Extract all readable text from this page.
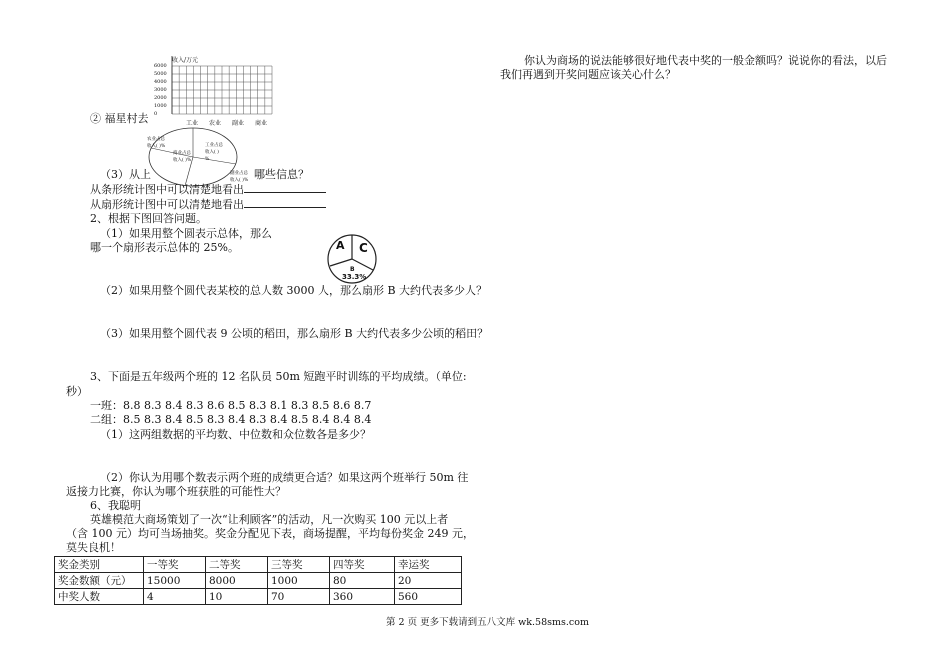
收入/万元
6000
5000
4000
3000
2000
1000
0
工业 农业 副业 商业
② 福星村去
农业占总
收入( )%
商业占总
收入( )%
工业占总
收入( )
%
副业占总
收入( )%
（3）从上	哪些信息？
从条形统计图中可以清楚地看出
从扇形统计图中可以清楚地看出
2、根据下图回答问题。
（1）如果用整个圆表示总体，那么
哪一个扇形表示总体的 25%。	A C
B
33.3%
（2）如果用整个圆代表某校的总人数 3000 人，那么扇形 B 大约代表多少人？
（3）如果用整个圆代表 9 公顷的稻田，那么扇形 B 大约代表多少公顷的稻田？
3、下面是五年级两个班的 12 名队员 50m 短跑平时训练的平均成绩。（单位:
秒）
一班：8.8 8.3 8.4 8.3 8.6 8.5 8.3 8.1 8.3 8.5 8.6 8.7
二组：8.5 8.3 8.4 8.5 8.3 8.4 8.3 8.4 8.5 8.4 8.4 8.4
（1）这两组数据的平均数、中位数和众位数各是多少？
（2）你认为用哪个数表示两个班的成绩更合适？如果这两个班举行 50m 往
返接力比赛，你认为哪个班获胜的可能性大？
6、我聪明
英雄模范大商场策划了一次“让利顾客”的活动，凡一次购买 100 元以上者
（含 100 元）均可当场抽奖。奖金分配见下表，商场提醒，平均每份奖金 249 元，
莫失良机！
奖金类别	一等奖	二等奖	三等奖	四等奖	幸运奖
奖金数额（元）	15000	8000	1000	80	20
中奖人数	4	10	70	360	560
你认为商场的说法能够很好地代表中奖的一般金额吗？说说你的看法，以后
我们再遇到开奖问题应该关心什么？
第 2 页 更多下载请到五八文库 wk.58sms.com
